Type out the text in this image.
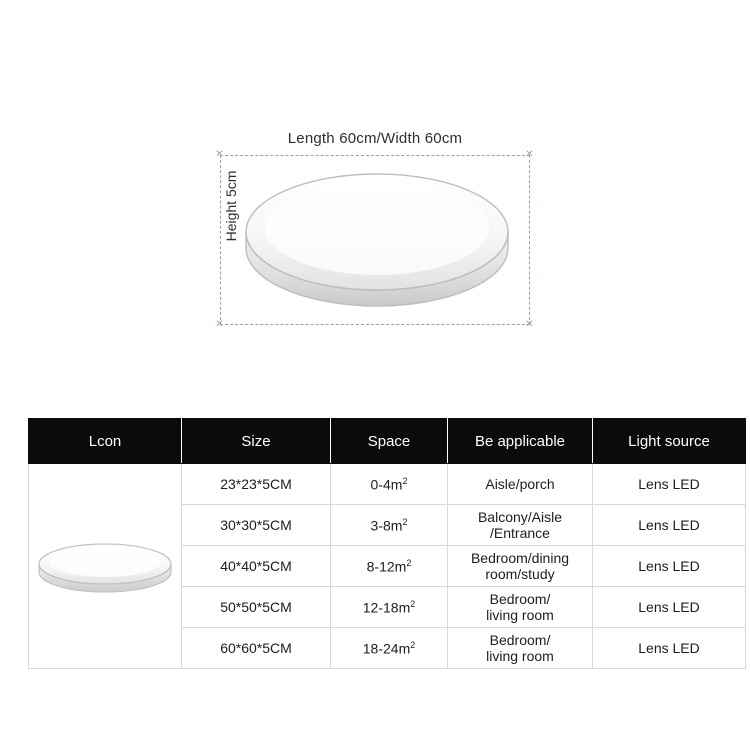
Length 60cm/Width 60cm
✕	✕
✕	✕
Height 5cm
Lcon	Size	Space	Be applicable	Light source

	23*23*5CM	$0-4m^2$	Aisle/porch	Lens LED
	30*30*5CM	$3-8m^2$	Balcony/Aisle
/Entrance	Lens LED
	40*40*5CM	$8-12m^2$	Bedroom/dining
room/study	Lens LED
	50*50*5CM	$12-18m^2$	Bedroom/
living room	Lens LED
	60*60*5CM	$18-24m^2$	Bedroom/
living room	Lens LED
